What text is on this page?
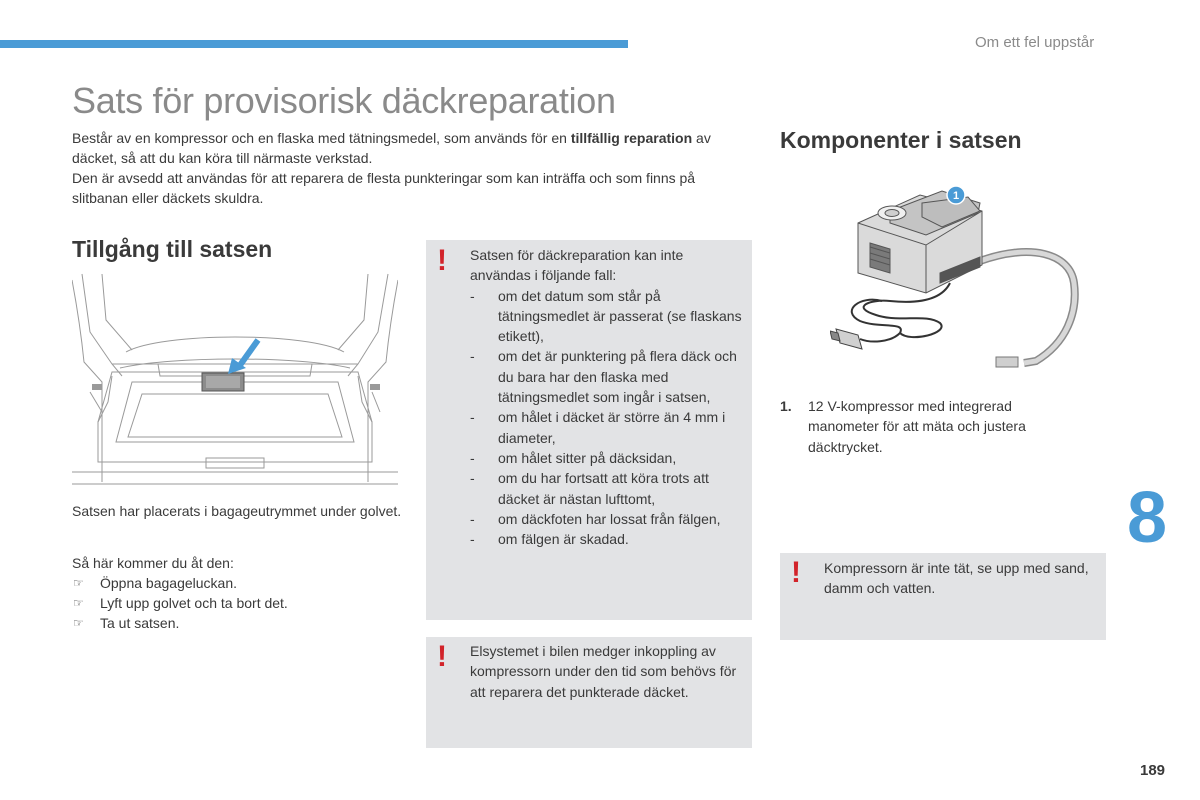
Om ett fel uppstår
Sats för provisorisk däckreparation

Består av en kompressor och en flaska med tätningsmedel, som används för en tillfällig reparation av däcket, så att du kan köra till närmaste verkstad.
Den är avsedd att användas för att reparera de flesta punkteringar som kan inträffa och som finns på slitbanan eller däckets skuldra.

Tillgång till satsen

Satsen har placerats i bagageutrymmet under golvet.

Så här kommer du åt den:
☞ Öppna bagageluckan.
☞ Lyft upp golvet och ta bort det.
☞ Ta ut satsen.
! Satsen för däckreparation kan inte användas i följande fall:
- om det datum som står på tätningsmedlet är passerat (se flaskans etikett),
- om det är punktering på flera däck och du bara har den flaska med tätningsmedlet som ingår i satsen,
- om hålet i däcket är större än 4 mm i diameter,
- om hålet sitter på däcksidan,
- om du har fortsatt att köra trots att däcket är nästan lufttomt,
- om däckfoten har lossat från fälgen,
- om fälgen är skadad.
! Elsystemet i bilen medger inkoppling av kompressorn under den tid som behövs för att reparera det punkterade däcket.

Komponenter i satsen
1
1.	12 V-kompressor med integrerad manometer för att mäta och justera däcktrycket.
! Kompressorn är inte tät, se upp med sand, damm och vatten.

8
189
